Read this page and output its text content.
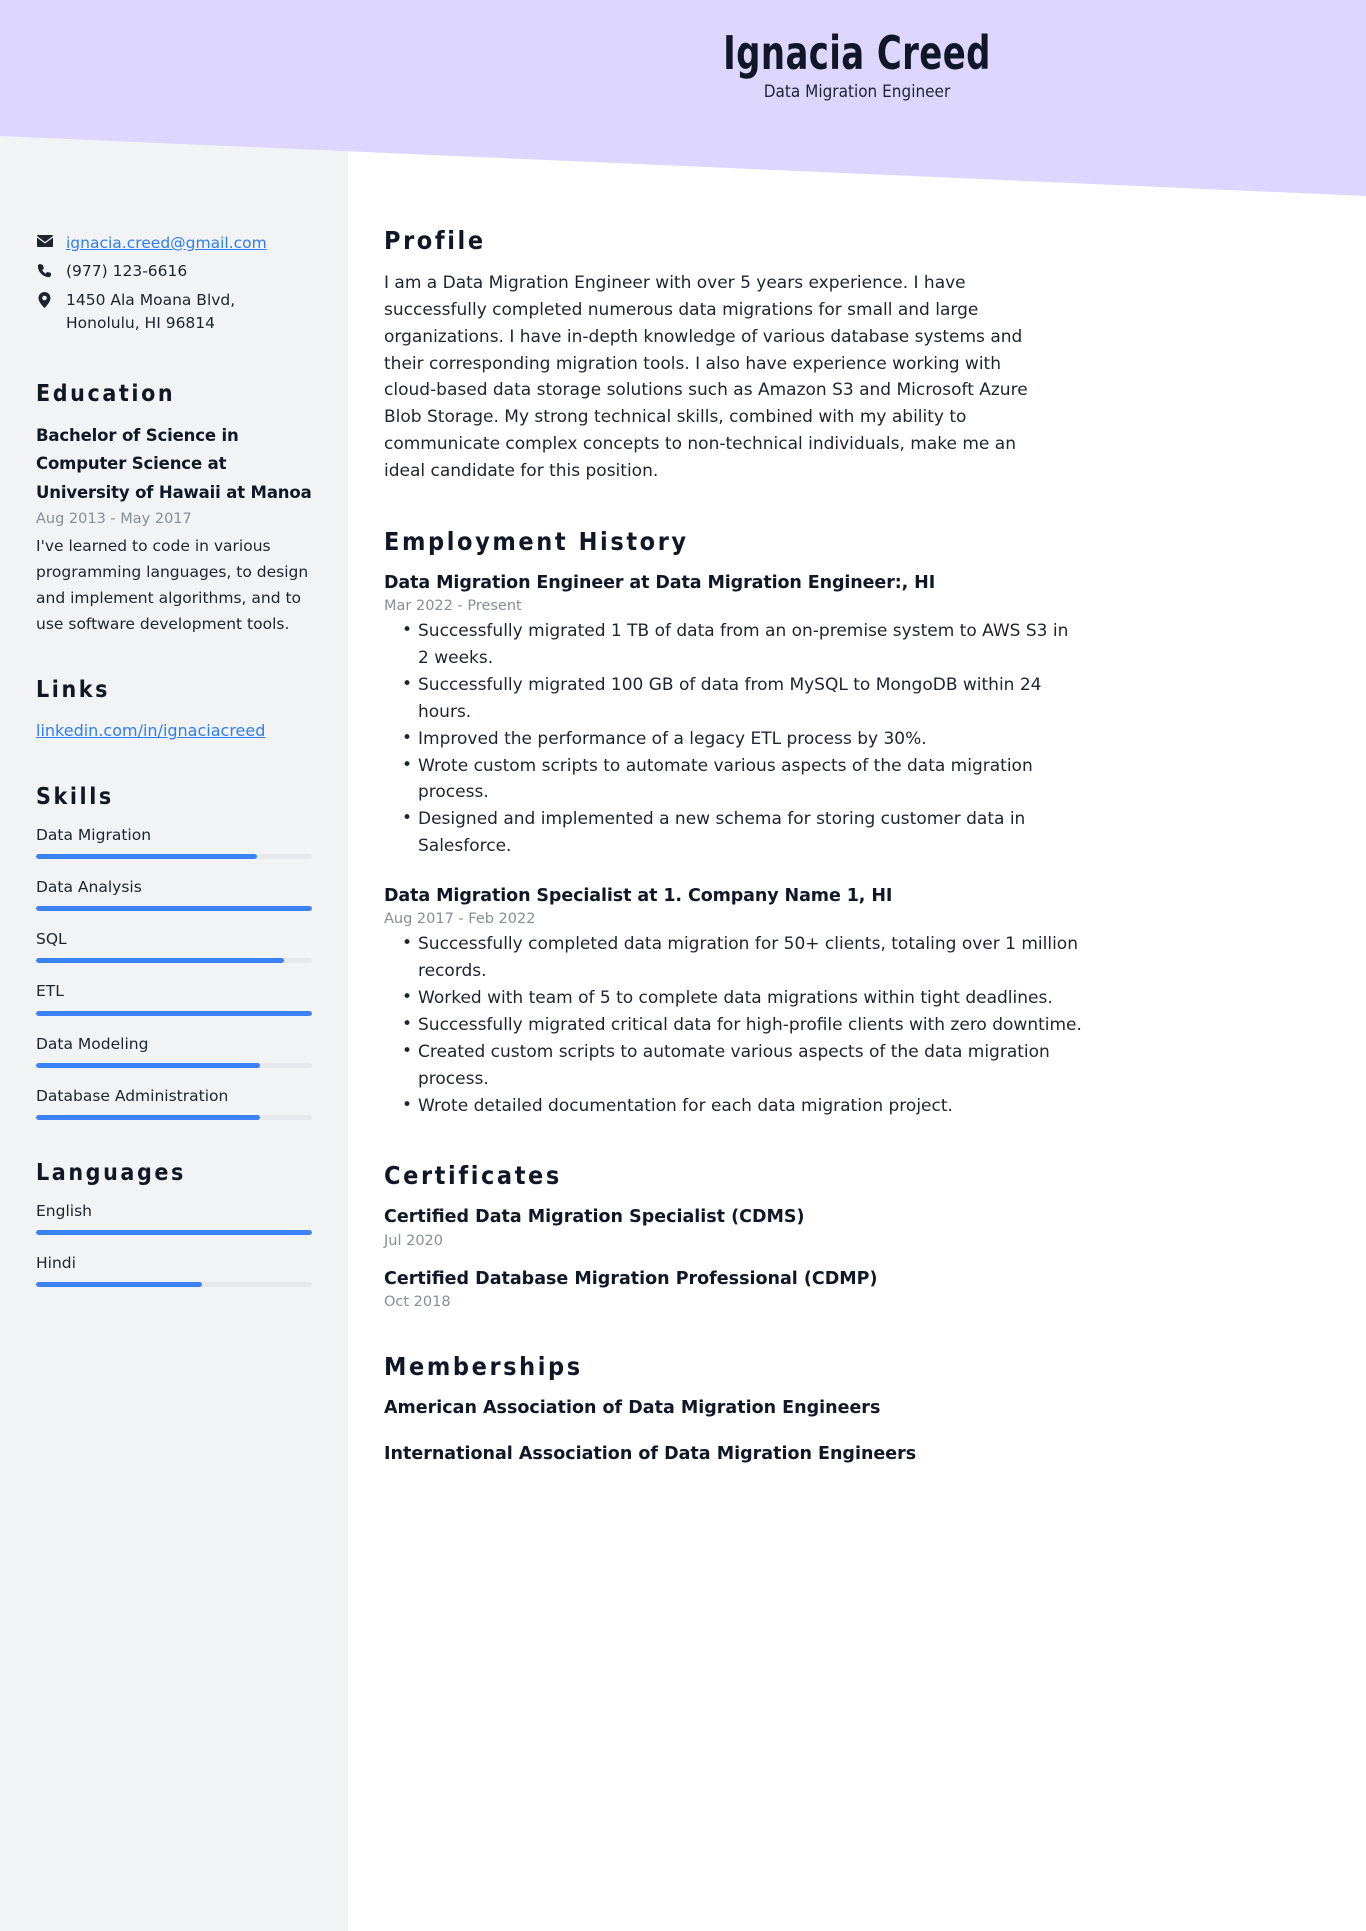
Ignacia Creed
Data Migration Engineer
ignacia.creed@gmail.com
(977) 123-6616
1450 Ala Moana Blvd,
Honolulu, HI 96814
Education
Bachelor of Science in Computer Science at University of Hawaii at Manoa
Aug 2013 - May 2017
I've learned to code in various programming languages, to design and implement algorithms, and to use software development tools.
Links
linkedin.com/in/ignaciacreed
Skills
Data Migration
Data Analysis
SQL
ETL
Data Modeling
Database Administration
Languages
English
Hindi
Profile
I am a Data Migration Engineer with over 5 years experience. I have successfully completed numerous data migrations for small and large organizations. I have in-depth knowledge of various database systems and their corresponding migration tools. I also have experience working with cloud-based data storage solutions such as Amazon S3 and Microsoft Azure Blob Storage. My strong technical skills, combined with my ability to communicate complex concepts to non-technical individuals, make me an ideal candidate for this position.
Employment History
Data Migration Engineer at Data Migration Engineer:, HI
Mar 2022 - Present
• Successfully migrated 1 TB of data from an on-premise system to AWS S3 in 2 weeks.
• Successfully migrated 100 GB of data from MySQL to MongoDB within 24 hours.
• Improved the performance of a legacy ETL process by 30%.
• Wrote custom scripts to automate various aspects of the data migration process.
• Designed and implemented a new schema for storing customer data in Salesforce.
Data Migration Specialist at 1. Company Name 1, HI
Aug 2017 - Feb 2022
• Successfully completed data migration for 50+ clients, totaling over 1 million records.
• Worked with team of 5 to complete data migrations within tight deadlines.
• Successfully migrated critical data for high-profile clients with zero downtime.
• Created custom scripts to automate various aspects of the data migration process.
• Wrote detailed documentation for each data migration project.
Certificates
Certified Data Migration Specialist (CDMS)
Jul 2020
Certified Database Migration Professional (CDMP)
Oct 2018
Memberships
American Association of Data Migration Engineers
International Association of Data Migration Engineers
